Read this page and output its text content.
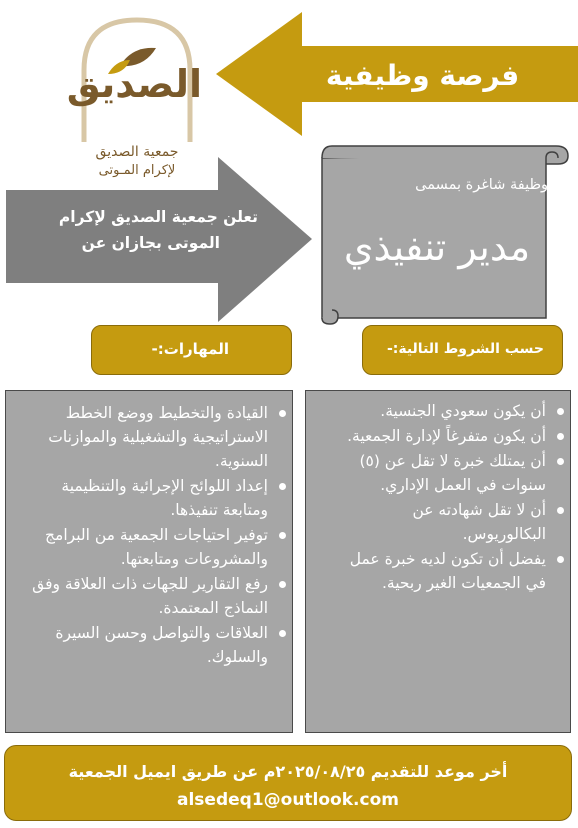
الصديق
جمعية الصديق
لإكرام المـوتى
فرصة وظيفية
تعلن جمعية الصديق لإكرام
الموتى بجازان عن
وظيفة شاغرة بمسمى
مدير تنفيذي
المهارات:-	حسب الشروط التالية:-
القيادة والتخطيط ووضع الخطط الاستراتيجية والتشغيلية والموازنات السنوية.
إعداد اللوائح الإجرائية والتنظيمية ومتابعة تنفيذها.
توفير احتياجات الجمعية من البرامج والمشروعات ومتابعتها.
رفع التقارير للجهات ذات العلاقة وفق النماذج المعتمدة.
العلاقات والتواصل وحسن السيرة والسلوك.
أن يكون سعودي الجنسية.
أن يكون متفرغاً لإدارة الجمعية.
أن يمتلك خبرة لا تقل عن (٥) سنوات في العمل الإداري.
أن لا تقل شهادته عن البكالوريوس.
يفضل أن تكون لديه خبرة عمل في الجمعيات الغير ربحية.
أخر موعد للتقديم ٢٠٢٥/٠٨/٢٥م عن طريق ايميل الجمعية
alsedeq1@outlook.com
